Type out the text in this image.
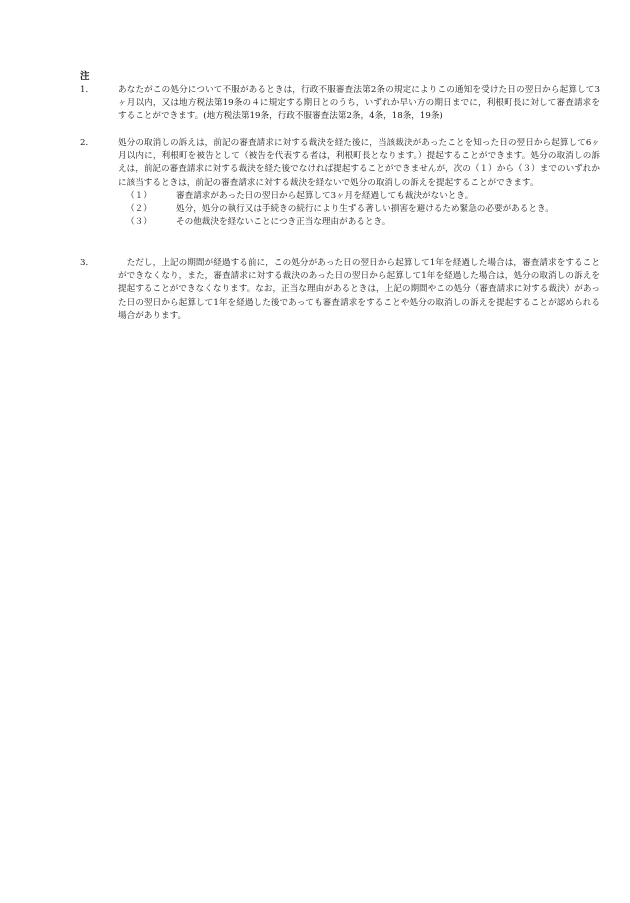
注
1．	あなたがこの処分について不服があるときは，行政不服審査法第2条の規定によりこの通知を受けた日の翌日から起算して3ヶ月以内，又は地方税法第19条の４に規定する期日とのうち，いずれか早い方の期日までに，利根町長に対して審査請求をすることができます。(地方税法第19条，行政不服審査法第2条，4条，18条，19条)
2．	処分の取消しの訴えは，前記の審査請求に対する裁決を経た後に，当該裁決があったことを知った日の翌日から起算して6ヶ月以内に，利根町を被告として（被告を代表する者は，利根町長となります。）提起することができます。処分の取消しの訴えは，前記の審査請求に対する裁決を経た後でなければ提起することができませんが，次の（１）から（３）までのいずれかに該当するときは，前記の審査請求に対する裁決を経ないで処分の取消しの訴えを提起することができます。
（１）	審査請求があった日の翌日から起算して3ヶ月を経過しても裁決がないとき。
（２）	処分，処分の執行又は手続きの続行により生ずる著しい損害を避けるため緊急の必要があるとき。
（３）	その他裁決を経ないことにつき正当な理由があるとき。
3．	ただし，上記の期間が経過する前に，この処分があった日の翌日から起算して1年を経過した場合は，審査請求をすることができなくなり，また，審査請求に対する裁決のあった日の翌日から起算して1年を経過した場合は，処分の取消しの訴えを提起することができなくなります。なお，正当な理由があるときは，上記の期間やこの処分（審査請求に対する裁決）があった日の翌日から起算して1年を経過した後であっても審査請求をすることや処分の取消しの訴えを提起することが認められる場合があります。
